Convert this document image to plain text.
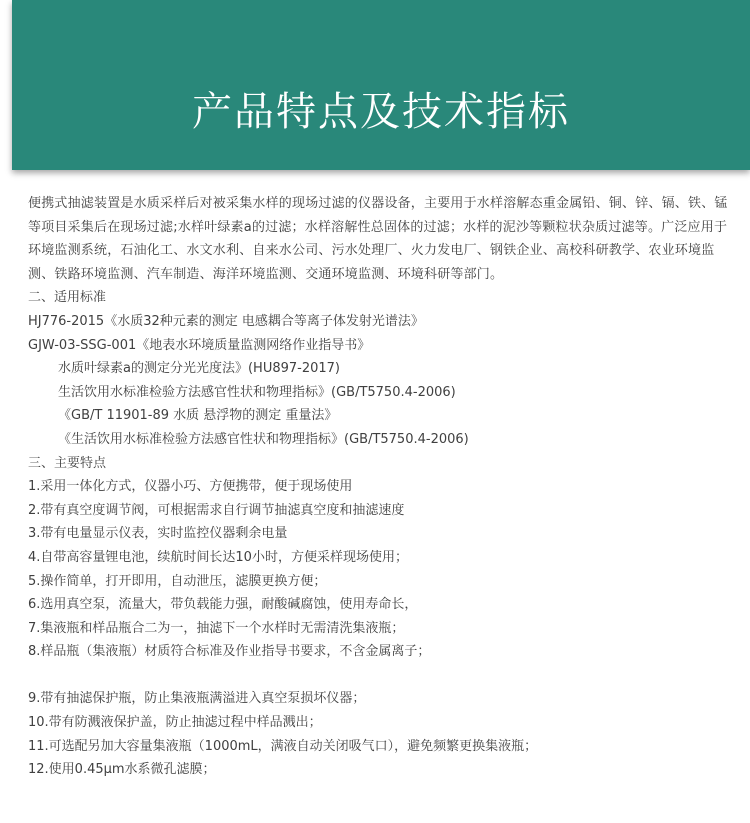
产品特点及技术指标
便携式抽滤装置是水质采样后对被采集水样的现场过滤的仪器设备，主要用于水样溶解态重金属铅、铜、锌、镉、铁、锰等项目采集后在现场过滤;水样叶绿素a的过滤；水样溶解性总固体的过滤；水样的泥沙等颗粒状杂质过滤等。广泛应用于环境监测系统，石油化工、水文水利、自来水公司、污水处理厂、火力发电厂、钢铁企业、高校科研教学、农业环境监测、铁路环境监测、汽车制造、海洋环境监测、交通环境监测、环境科研等部门。
二、适用标准
HJ776-2015《水质32种元素的测定 电感耦合等离子体发射光谱法》
GJW-03-SSG-001《地表水环境质量监测网络作业指导书》
水质叶绿素a的测定分光光度法》(HU897-2017)
生活饮用水标准检验方法感官性状和物理指标》(GB/T5750.4-2006)
《GB/T 11901-89 水质 悬浮物的测定 重量法》
《生活饮用水标准检验方法感官性状和物理指标》(GB/T5750.4-2006)
三、主要特点
1.采用一体化方式，仪器小巧、方便携带，便于现场使用
2.带有真空度调节阀，可根据需求自行调节抽滤真空度和抽滤速度
3.带有电量显示仪表，实时监控仪器剩余电量
4.自带高容量锂电池，续航时间长达10小时，方便采样现场使用；
5.操作简单，打开即用，自动泄压，滤膜更换方便；
6.选用真空泵，流量大，带负载能力强，耐酸碱腐蚀，使用寿命长，
7.集液瓶和样品瓶合二为一，抽滤下一个水样时无需清洗集液瓶；
8.样品瓶（集液瓶）材质符合标准及作业指导书要求，不含金属离子；
9.带有抽滤保护瓶，防止集液瓶满溢进入真空泵损坏仪器；
10.带有防溅液保护盖，防止抽滤过程中样品溅出；
11.可选配另加大容量集液瓶（1000mL，满液自动关闭吸气口），避免频繁更换集液瓶；
12.使用0.45μm水系微孔滤膜；
